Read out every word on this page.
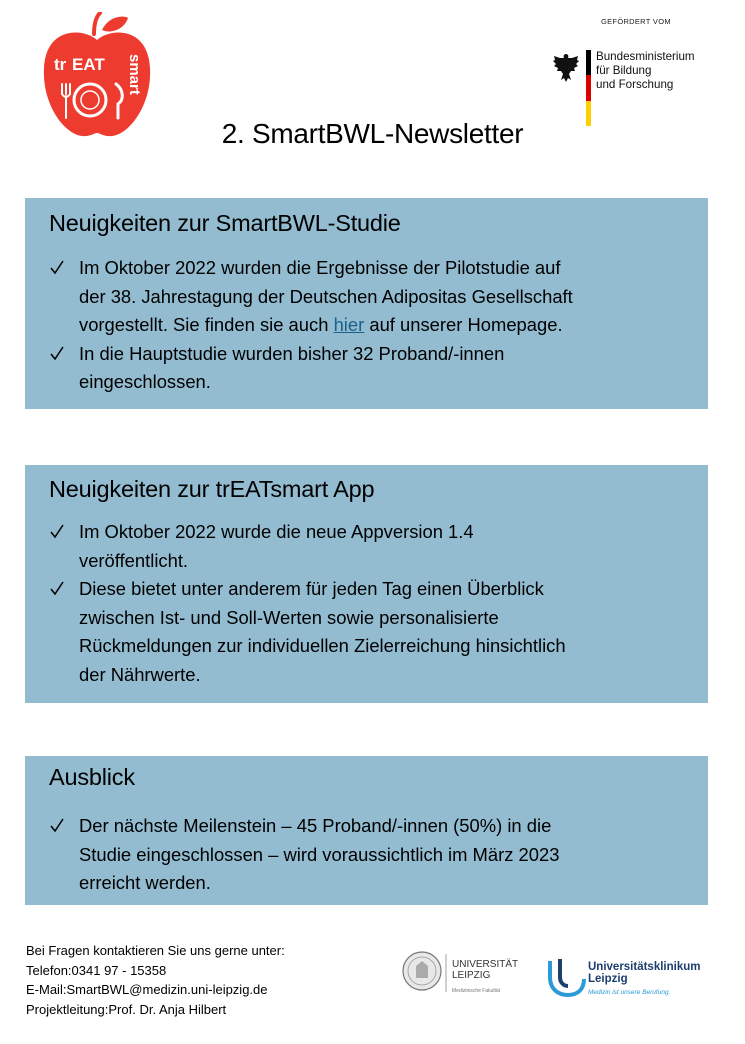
tr EAT smart
GEFÖRDERT VOM
Bundesministerium
für Bildung
und Forschung
2. SmartBWL-Newsletter
Neuigkeiten zur SmartBWL-Studie
Im Oktober 2022 wurden die Ergebnisse der Pilotstudie auf
der 38. Jahrestagung der Deutschen Adipositas Gesellschaft
vorgestellt. Sie finden sie auch hier auf unserer Homepage.
In die Hauptstudie wurden bisher 32 Proband/-innen
eingeschlossen.
Neuigkeiten zur trEATsmart App
Im Oktober 2022 wurde die neue Appversion 1.4
veröffentlicht.
Diese bietet unter anderem für jeden Tag einen Überblick
zwischen Ist- und Soll-Werten sowie personalisierte
Rückmeldungen zur individuellen Zielerreichung hinsichtlich
der Nährwerte.
Ausblick
Der nächste Meilenstein – 45 Proband/-innen (50%) in die
Studie eingeschlossen – wird voraussichtlich im März 2023
erreicht werden.
Bei Fragen kontaktieren Sie uns gerne unter:
Telefon:0341 97 - 15358
E-Mail:SmartBWL@medizin.uni-leipzig.de
Projektleitung:Prof. Dr. Anja Hilbert
UNIVERSITÄT
LEIPZIG
Medizinische Fakultät
Universitätsklinikum
Leipzig
Medizin ist unsere Berufung.
